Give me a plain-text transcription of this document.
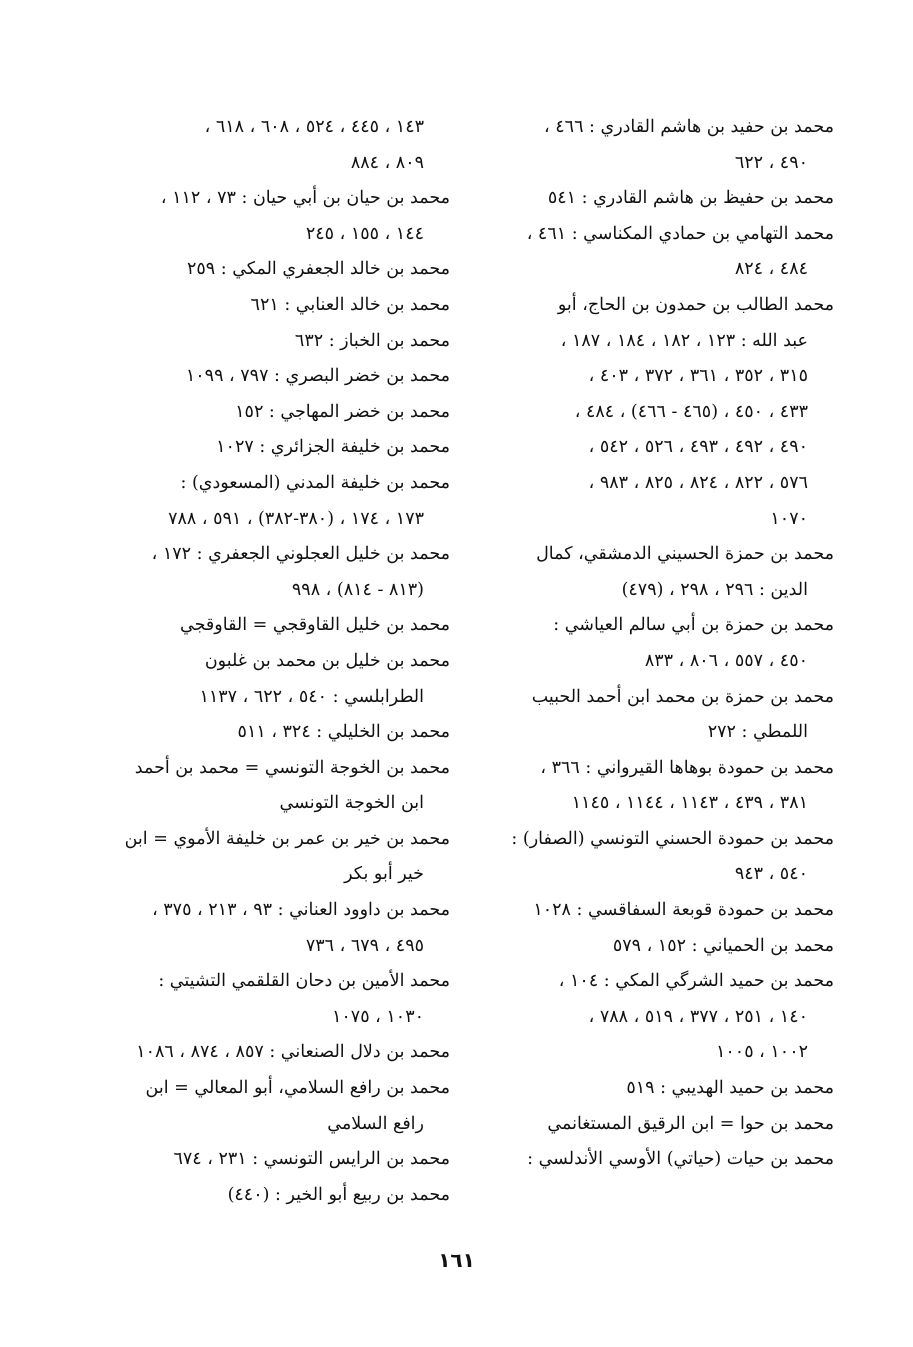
محمد بن حفيد بن هاشم القادري : ٤٦٦ ،
٤٩٠ ، ٦٢٢
محمد بن حفيظ بن هاشم القادري : ٥٤١
محمد التهامي بن حمادي المكناسي : ٤٦١ ،
٤٨٤ ، ٨٢٤
محمد الطالب بن حمدون بن الحاج، أبو
عبد الله : ١٢٣ ، ١٨٢ ، ١٨٤ ، ١٨٧ ،
٣١٥ ، ٣٥٢ ، ٣٦١ ، ٣٧٢ ، ٤٠٣ ،
٤٣٣ ، ٤٥٠ ، (٤٦٥ - ٤٦٦) ، ٤٨٤ ،
٤٩٠ ، ٤٩٢ ، ٤٩٣ ، ٥٢٦ ، ٥٤٢ ،
٥٧٦ ، ٨٢٢ ، ٨٢٤ ، ٨٢٥ ، ٩٨٣ ،
١٠٧٠
محمد بن حمزة الحسيني الدمشقي، كمال
الدين : ٢٩٦ ، ٢٩٨ ، (٤٧٩)
محمد بن حمزة بن أبي سالم العياشي :
٤٥٠ ، ٥٥٧ ، ٨٠٦ ، ٨٣٣
محمد بن حمزة بن محمد ابن أحمد الحبيب
اللمطي : ٢٧٢
محمد بن حمودة بوهاها القيرواني : ٣٦٦ ،
٣٨١ ، ٤٣٩ ، ١١٤٣ ، ١١٤٤ ، ١١٤٥
محمد بن حمودة الحسني التونسي (الصفار) :
٥٤٠ ، ٩٤٣
محمد بن حمودة قوبعة السفاقسي : ١٠٢٨
محمد بن الحمياني : ١٥٢ ، ٥٧٩
محمد بن حميد الشرگي المكي : ١٠٤ ،
١٤٠ ، ٢٥١ ، ٣٧٧ ، ٥١٩ ، ٧٨٨ ،
١٠٠٢ ، ١٠٠٥
محمد بن حميد الهديبي : ٥١٩
محمد بن حوا = ابن الرقيق المستغانمي
محمد بن حيات (حياتي) الأوسي الأندلسي :
١٤٣ ، ٤٤٥ ، ٥٢٤ ، ٦٠٨ ، ٦١٨ ،
٨٠٩ ، ٨٨٤
محمد بن حيان بن أبي حيان : ٧٣ ، ١١٢ ،
١٤٤ ، ١٥٥ ، ٢٤٥
محمد بن خالد الجعفري المكي : ٢٥٩
محمد بن خالد العنابي : ٦٢١
محمد بن الخباز : ٦٣٢
محمد بن خضر البصري : ٧٩٧ ، ١٠٩٩
محمد بن خضر المهاجي : ١٥٢
محمد بن خليفة الجزائري : ١٠٢٧
محمد بن خليفة المدني (المسعودي) :
١٧٣ ، ١٧٤ ، (٣٨٠-٣٨٢) ، ٥٩١ ، ٧٨٨
محمد بن خليل العجلوني الجعفري : ١٧٢ ،
(٨١٣ - ٨١٤) ، ٩٩٨
محمد بن خليل القاوقجي = القاوقجي
محمد بن خليل بن محمد بن غلبون
الطرابلسي : ٥٤٠ ، ٦٢٢ ، ١١٣٧
محمد بن الخليلي : ٣٢٤ ، ٥١١
محمد بن الخوجة التونسي = محمد بن أحمد
ابن الخوجة التونسي
محمد بن خير بن عمر بن خليفة الأموي = ابن
خير أبو بكر
محمد بن داوود العناني : ٩٣ ، ٢١٣ ، ٣٧٥ ،
٤٩٥ ، ٦٧٩ ، ٧٣٦
محمد الأمين بن دحان القلقمي التشيتي :
١٠٣٠ ، ١٠٧٥
محمد بن دلال الصنعاني : ٨٥٧ ، ٨٧٤ ، ١٠٨٦
محمد بن رافع السلامي، أبو المعالي = ابن
رافع السلامي
محمد بن الرايس التونسي : ٢٣١ ، ٦٧٤
محمد بن ربيع أبو الخير : (٤٤٠)
١٦١
